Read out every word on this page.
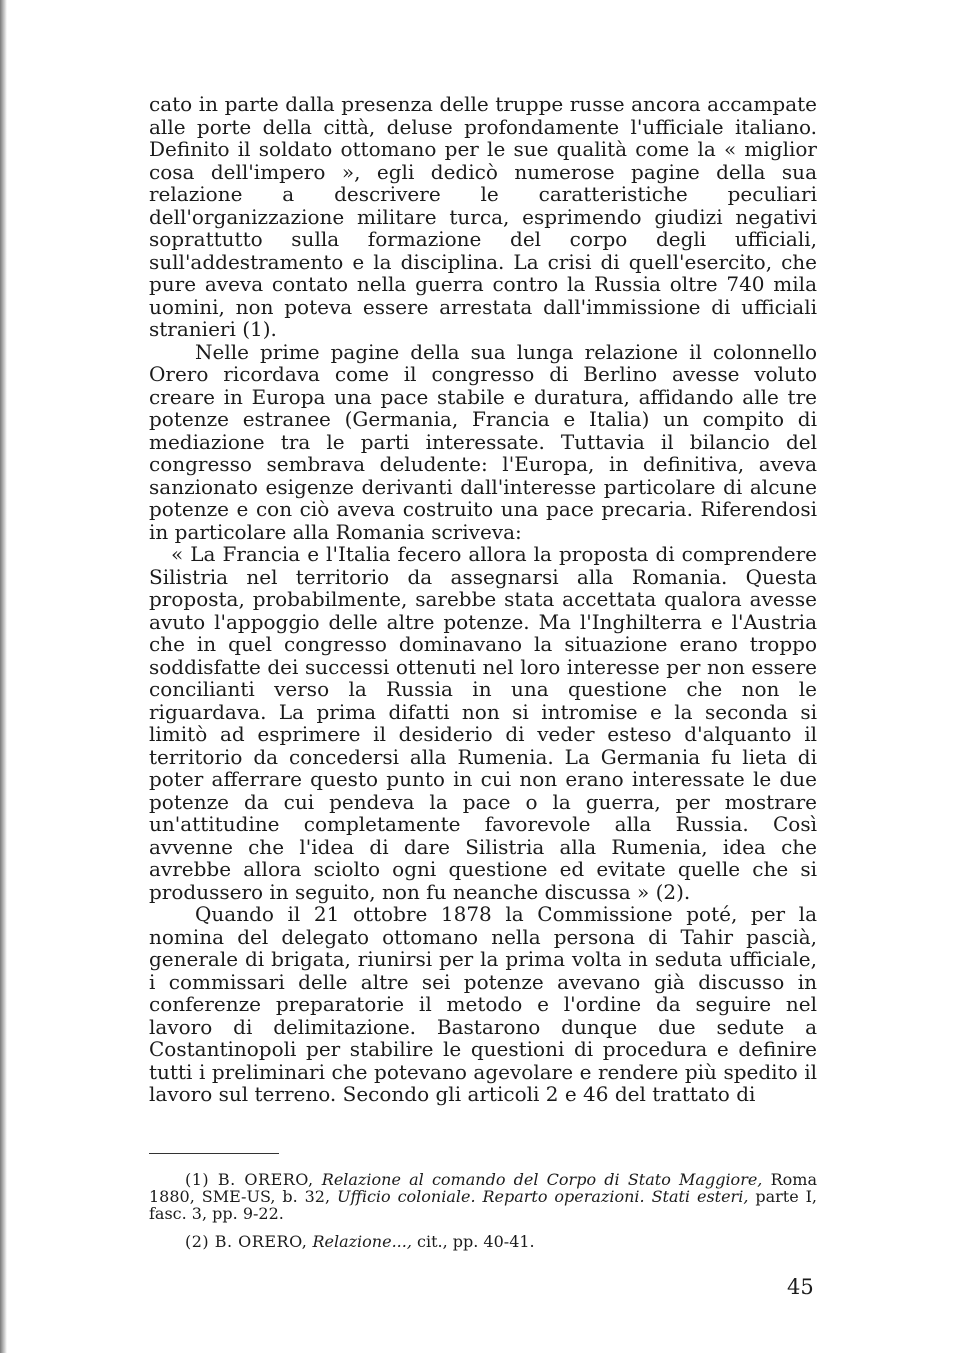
cato in parte dalla presenza delle truppe russe ancora accampate alle porte della città, deluse profondamente l'ufficiale italiano. Definito il soldato ottomano per le sue qualità come la « miglior cosa dell'impero », egli dedicò numerose pagine della sua relazione a descrivere le caratteristiche peculiari dell'organizzazione militare turca, esprimendo giudizi negativi soprattutto sulla formazione del corpo degli ufficiali, sull'addestramento e la disciplina. La crisi di quell'esercito, che pure aveva contato nella guerra contro la Russia oltre 740 mila uomini, non poteva essere arrestata dall'immissione di ufficiali stranieri (1).

Nelle prime pagine della sua lunga relazione il colonnello Orero ricordava come il congresso di Berlino avesse voluto creare in Europa una pace stabile e duratura, affidando alle tre potenze estranee (Germania, Francia e Italia) un compito di mediazione tra le parti interessate. Tuttavia il bilancio del congresso sembrava deludente: l'Europa, in definitiva, aveva sanzionato esigenze derivanti dall'interesse particolare di alcune potenze e con ciò aveva costruito una pace precaria. Riferendosi in particolare alla Romania scriveva:

« La Francia e l'Italia fecero allora la proposta di comprendere Silistria nel territorio da assegnarsi alla Romania. Questa proposta, probabilmente, sarebbe stata accettata qualora avesse avuto l'appoggio delle altre potenze. Ma l'Inghilterra e l'Austria che in quel congresso dominavano la situazione erano troppo soddisfatte dei successi ottenuti nel loro interesse per non essere concilianti verso la Russia in una questione che non le riguardava. La prima difatti non si intromise e la seconda si limitò ad esprimere il desiderio di veder esteso d'alquanto il territorio da concedersi alla Rumenia. La Germania fu lieta di poter afferrare questo punto in cui non erano interessate le due potenze da cui pendeva la pace o la guerra, per mostrare un'attitudine completamente favorevole alla Russia. Così avvenne che l'idea di dare Silistria alla Rumenia, idea che avrebbe allora sciolto ogni questione ed evitate quelle che si produssero in seguito, non fu neanche discussa » (2).

Quando il 21 ottobre 1878 la Commissione poté, per la nomina del delegato ottomano nella persona di Tahir pascià, generale di brigata, riunirsi per la prima volta in seduta ufficiale, i commissari delle altre sei potenze avevano già discusso in conferenze preparatorie il metodo e l'ordine da seguire nel lavoro di delimitazione. Bastarono dunque due sedute a Costantinopoli per stabilire le questioni di procedura e definire tutti i preliminari che potevano agevolare e rendere più spedito il lavoro sul terreno. Secondo gli articoli 2 e 46 del trattato di

(1) B. ORERO, Relazione al comando del Corpo di Stato Maggiore, Roma 1880, SME-US, b. 32, Ufficio coloniale. Reparto operazioni. Stati esteri, parte I, fasc. 3, pp. 9-22.

(2) B. ORERO, Relazione..., cit., pp. 40-41.

45
